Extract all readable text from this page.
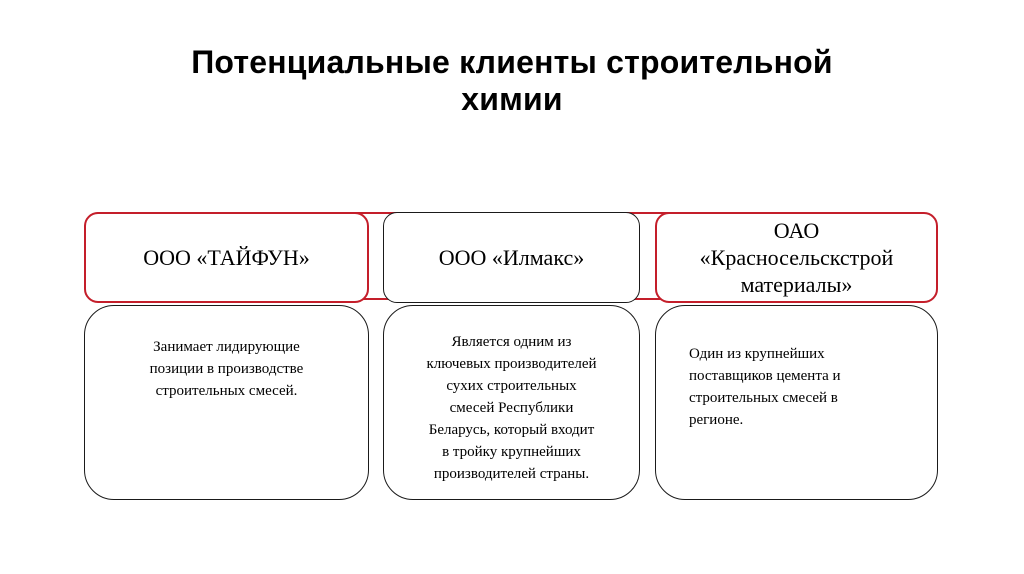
Потенциальные клиенты строительной
химии
ООО «ТАЙФУН»	ООО «Илмакс»
ОАО
«Красносельскстрой
материалы»
Занимает лидирующие
позиции в производстве
строительных смесей.
Является одним из
ключевых производителей
сухих строительных
смесей Республики
Беларусь, который входит
в тройку крупнейших
производителей страны.
Один из крупнейших
поставщиков цемента и
строительных смесей в
регионе.
